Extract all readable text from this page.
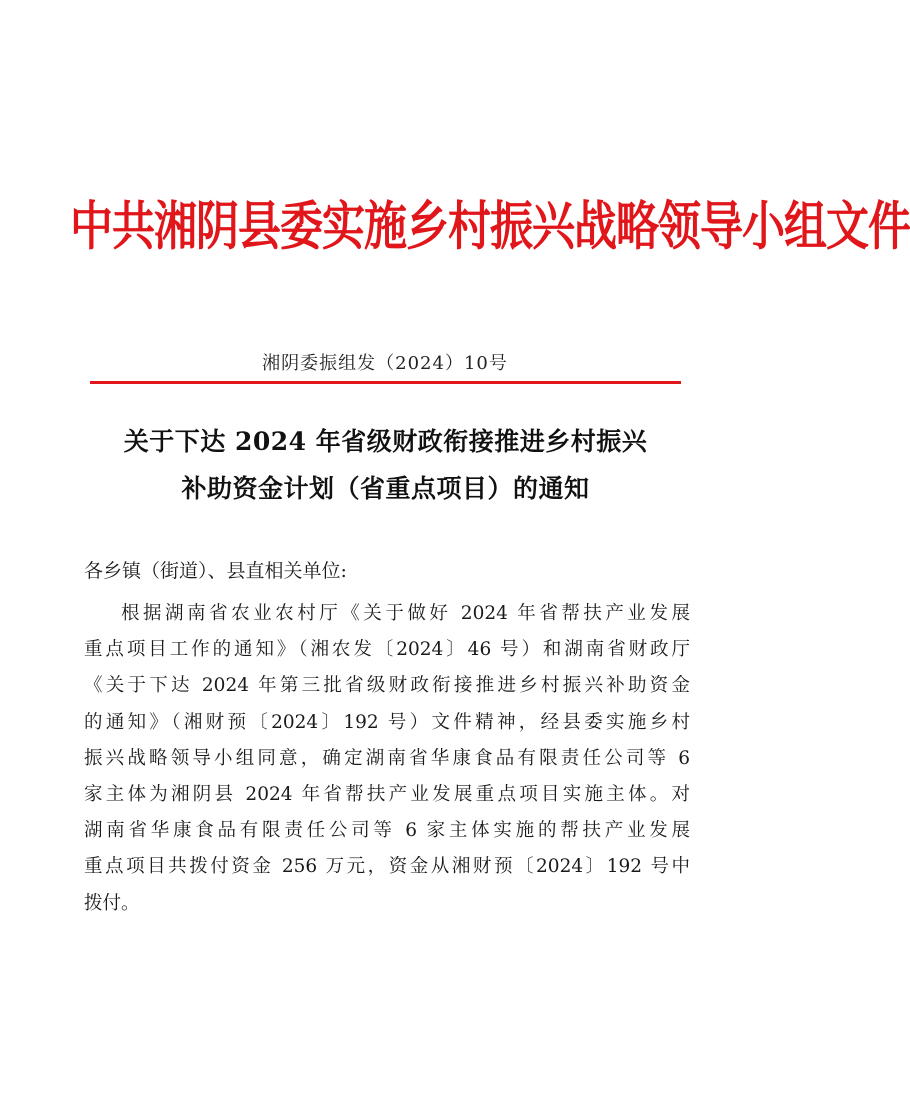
中共湘阴县委实施乡村振兴战略领导小组文件
湘阴委振组发（2024）10号
关于下达 2024 年省级财政衔接推进乡村振兴
补助资金计划（省重点项目）的通知
各乡镇（街道）、县直相关单位:
根据湖南省农业农村厅《关于做好 2024 年省帮扶产业发展
重点项目工作的通知》（湘农发〔2024〕46 号）和湖南省财政厅
《关于下达 2024 年第三批省级财政衔接推进乡村振兴补助资金
的通知》（湘财预〔2024〕192 号）文件精神，经县委实施乡村
振兴战略领导小组同意，确定湖南省华康食品有限责任公司等 6
家主体为湘阴县 2024 年省帮扶产业发展重点项目实施主体。对
湖南省华康食品有限责任公司等 6 家主体实施的帮扶产业发展
重点项目共拨付资金 256 万元，资金从湘财预〔2024〕192 号中
拨付。
